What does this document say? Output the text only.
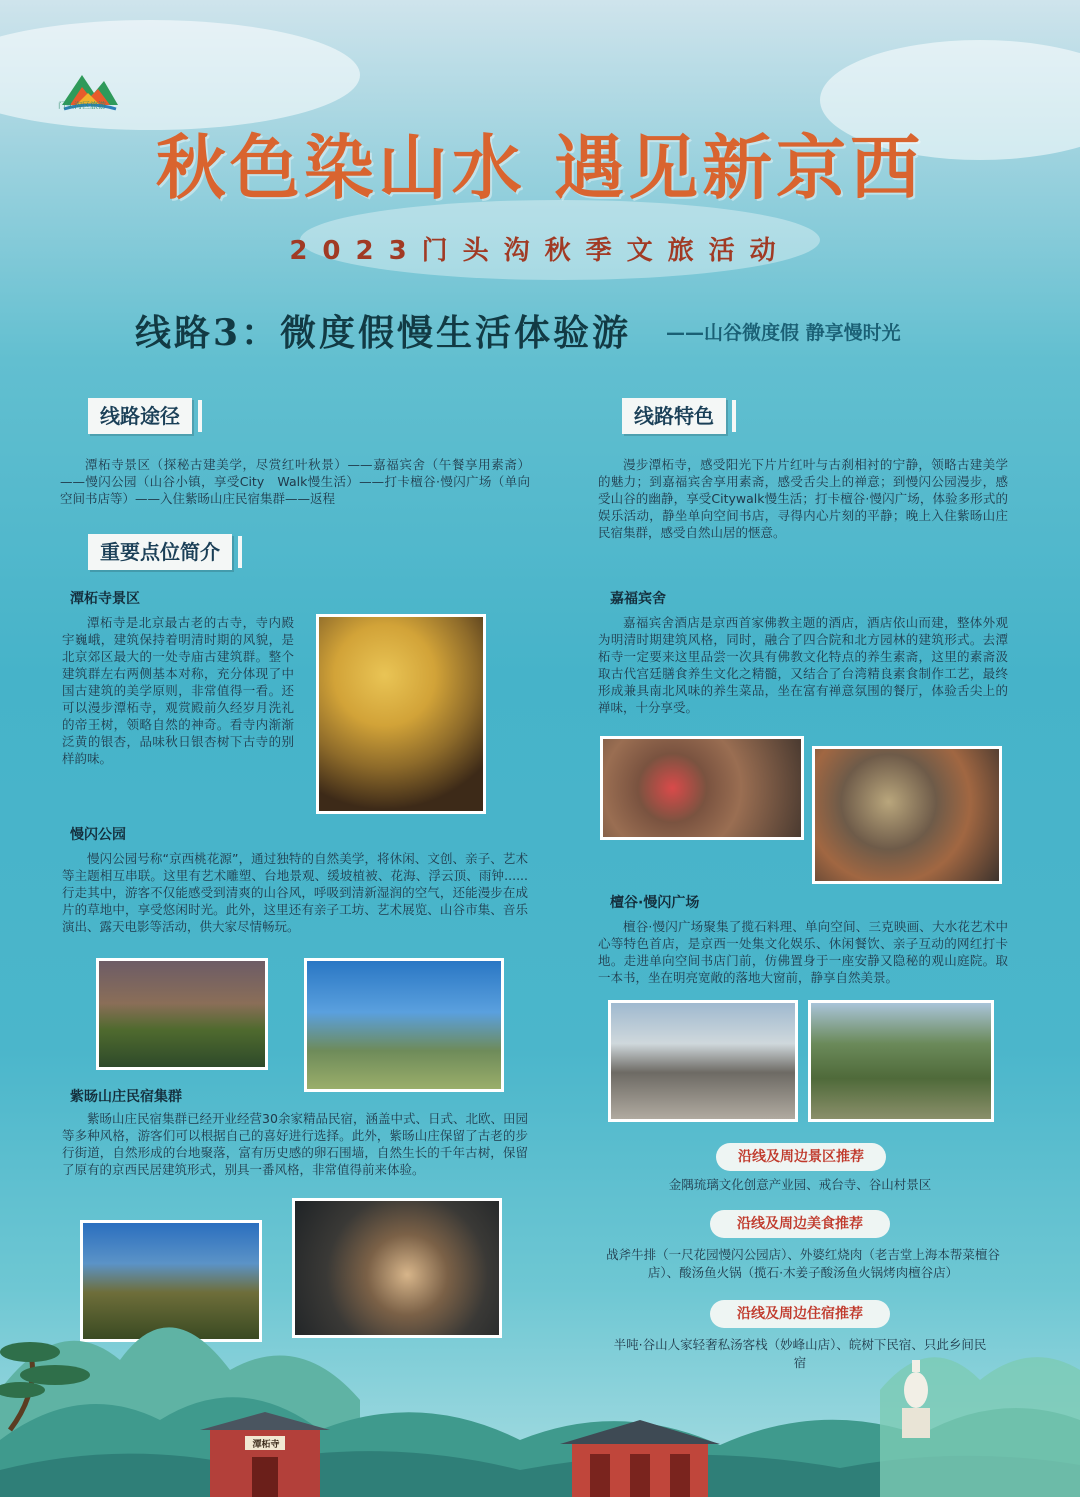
门头沟区旅游
秋色染山水 遇见新京西
2023门头沟秋季文旅活动
线路3：微度假慢生活体验游 ——山谷微度假 静享慢时光
线路途径
潭柘寺景区（探秘古建美学，尽赏红叶秋景）——嘉福宾舍（午餐享用素斋）——慢闪公园（山谷小镇，享受City　Walk慢生活）——打卡檀谷·慢闪广场（单向空间书店等）——入住紫旸山庄民宿集群——返程
重要点位简介
潭柘寺景区
潭柘寺是北京最古老的古寺，寺内殿宇巍峨，建筑保持着明清时期的风貌，是北京郊区最大的一处寺庙古建筑群。整个建筑群左右两侧基本对称，充分体现了中国古建筑的美学原则，非常值得一看。还可以漫步潭柘寺，观赏殿前久经岁月洗礼的帝王树，领略自然的神奇。看寺内渐渐泛黄的银杏，品味秋日银杏树下古寺的别样韵味。
慢闪公园
慢闪公园号称“京西桃花源”，通过独特的自然美学，将休闲、文创、亲子、艺术等主题相互串联。这里有艺术雕塑、台地景观、缓坡植被、花海、浮云顶、雨钟......行走其中，游客不仅能感受到清爽的山谷风，呼吸到清新湿润的空气，还能漫步在成片的草地中，享受悠闲时光。此外，这里还有亲子工坊、艺术展览、山谷市集、音乐演出、露天电影等活动，供大家尽情畅玩。
紫旸山庄民宿集群
紫旸山庄民宿集群已经开业经营30余家精品民宿，涵盖中式、日式、北欧、田园等多种风格，游客们可以根据自己的喜好进行选择。此外，紫旸山庄保留了古老的步行街道，自然形成的台地聚落，富有历史感的卵石围墙，自然生长的千年古树，保留了原有的京西民居建筑形式，别具一番风格，非常值得前来体验。
线路特色
漫步潭柘寺，感受阳光下片片红叶与古刹相衬的宁静，领略古建美学的魅力；到嘉福宾舍享用素斋，感受舌尖上的禅意；到慢闪公园漫步，感受山谷的幽静，享受Citywalk慢生活；打卡檀谷·慢闪广场，体验多形式的娱乐活动，静坐单向空间书店，寻得内心片刻的平静；晚上入住紫旸山庄民宿集群，感受自然山居的惬意。
嘉福宾舍
嘉福宾舍酒店是京西首家佛教主题的酒店，酒店依山而建，整体外观为明清时期建筑风格，同时，融合了四合院和北方园林的建筑形式。去潭柘寺一定要来这里品尝一次具有佛教文化特点的养生素斋，这里的素斋汲取古代宫廷膳食养生文化之精髓，又结合了台湾精良素食制作工艺，最终形成兼具南北风味的养生菜品，坐在富有禅意氛围的餐厅，体验舌尖上的禅味，十分享受。
檀谷·慢闪广场
檀谷·慢闪广场聚集了揽石料理、单向空间、三克映画、大水花艺术中心等特色首店，是京西一处集文化娱乐、休闲餐饮、亲子互动的网红打卡地。走进单向空间书店门前，仿佛置身于一座安静又隐秘的观山庭院。取一本书，坐在明亮宽敞的落地大窗前，静享自然美景。
沿线及周边景区推荐
金隅琉璃文化创意产业园、戒台寺、谷山村景区
沿线及周边美食推荐
战斧牛排（一尺花园慢闪公园店）、外婆红烧肉（老吉堂上海本帮菜檀谷店）、酸汤鱼火锅（揽石·木姜子酸汤鱼火锅烤肉檀谷店）
沿线及周边住宿推荐
半吨·谷山人家轻奢私汤客栈（妙峰山店）、皖树下民宿、只此乡间民宿
潭柘寺
